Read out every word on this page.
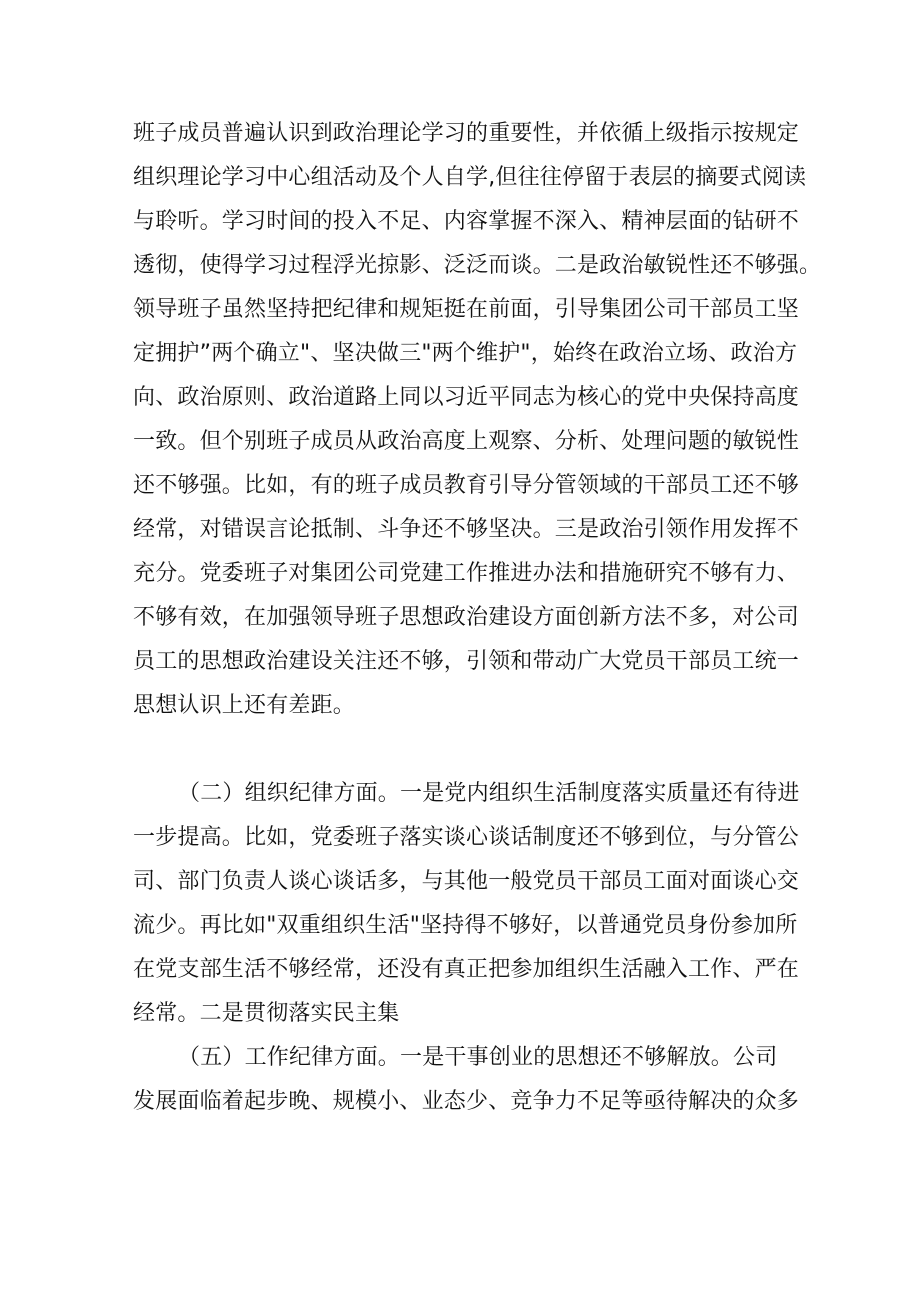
班子成员普遍认识到政治理论学习的重要性，并依循上级指示按规定
组织理论学习中心组活动及个人自学,但往往停留于表层的摘要式阅读
与聆听。学习时间的投入不足、内容掌握不深入、精神层面的钻研不
透彻，使得学习过程浮光掠影、泛泛而谈。二是政治敏锐性还不够强。
领导班子虽然坚持把纪律和规矩挺在前面，引导集团公司干部员工坚
定拥护”两个确立"、坚决做三"两个维护"，始终在政治立场、政治方
向、政治原则、政治道路上同以习近平同志为核心的党中央保持高度
一致。但个别班子成员从政治高度上观察、分析、处理问题的敏锐性
还不够强。比如，有的班子成员教育引导分管领域的干部员工还不够
经常，对错误言论抵制、斗争还不够坚决。三是政治引领作用发挥不
充分。党委班子对集团公司党建工作推进办法和措施研究不够有力、
不够有效，在加强领导班子思想政治建设方面创新方法不多，对公司
员工的思想政治建设关注还不够，引领和带动广大党员干部员工统一
思想认识上还有差距。
（二）组织纪律方面。一是党内组织生活制度落实质量还有待进
一步提高。比如，党委班子落实谈心谈话制度还不够到位，与分管公
司、部门负责人谈心谈话多，与其他一般党员干部员工面对面谈心交
流少。再比如"双重组织生活"坚持得不够好，以普通党员身份参加所
在党支部生活不够经常，还没有真正把参加组织生活融入工作、严在
经常。二是贯彻落实民主集
（五）工作纪律方面。一是干事创业的思想还不够解放。公司
发展面临着起步晚、规模小、业态少、竞争力不足等亟待解决的众多
